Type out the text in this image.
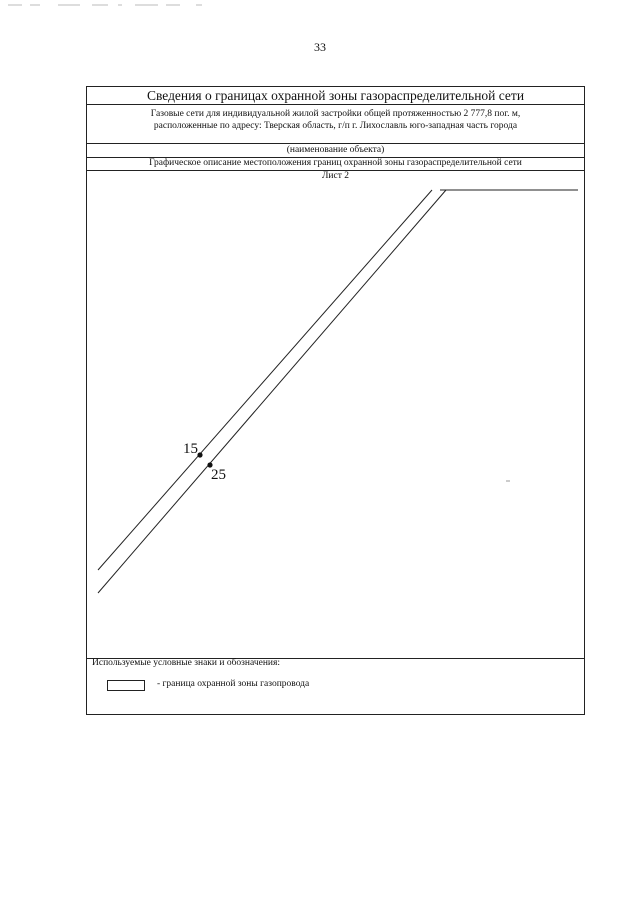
33
15
25
Сведения о границах охранной зоны газораспределительной сети
Газовые сети для индивидуальной жилой застройки общей протяженностью 2 777,8 пог. м,
расположенные по адресу: Тверская область, г/п г. Лихославль юго-западная часть города
(наименование объекта)
Графическое описание местоположения границ охранной зоны газораспределительной сети
Лист 2
Используемые условные знаки и обозначения:
- граница охранной зоны газопровода
